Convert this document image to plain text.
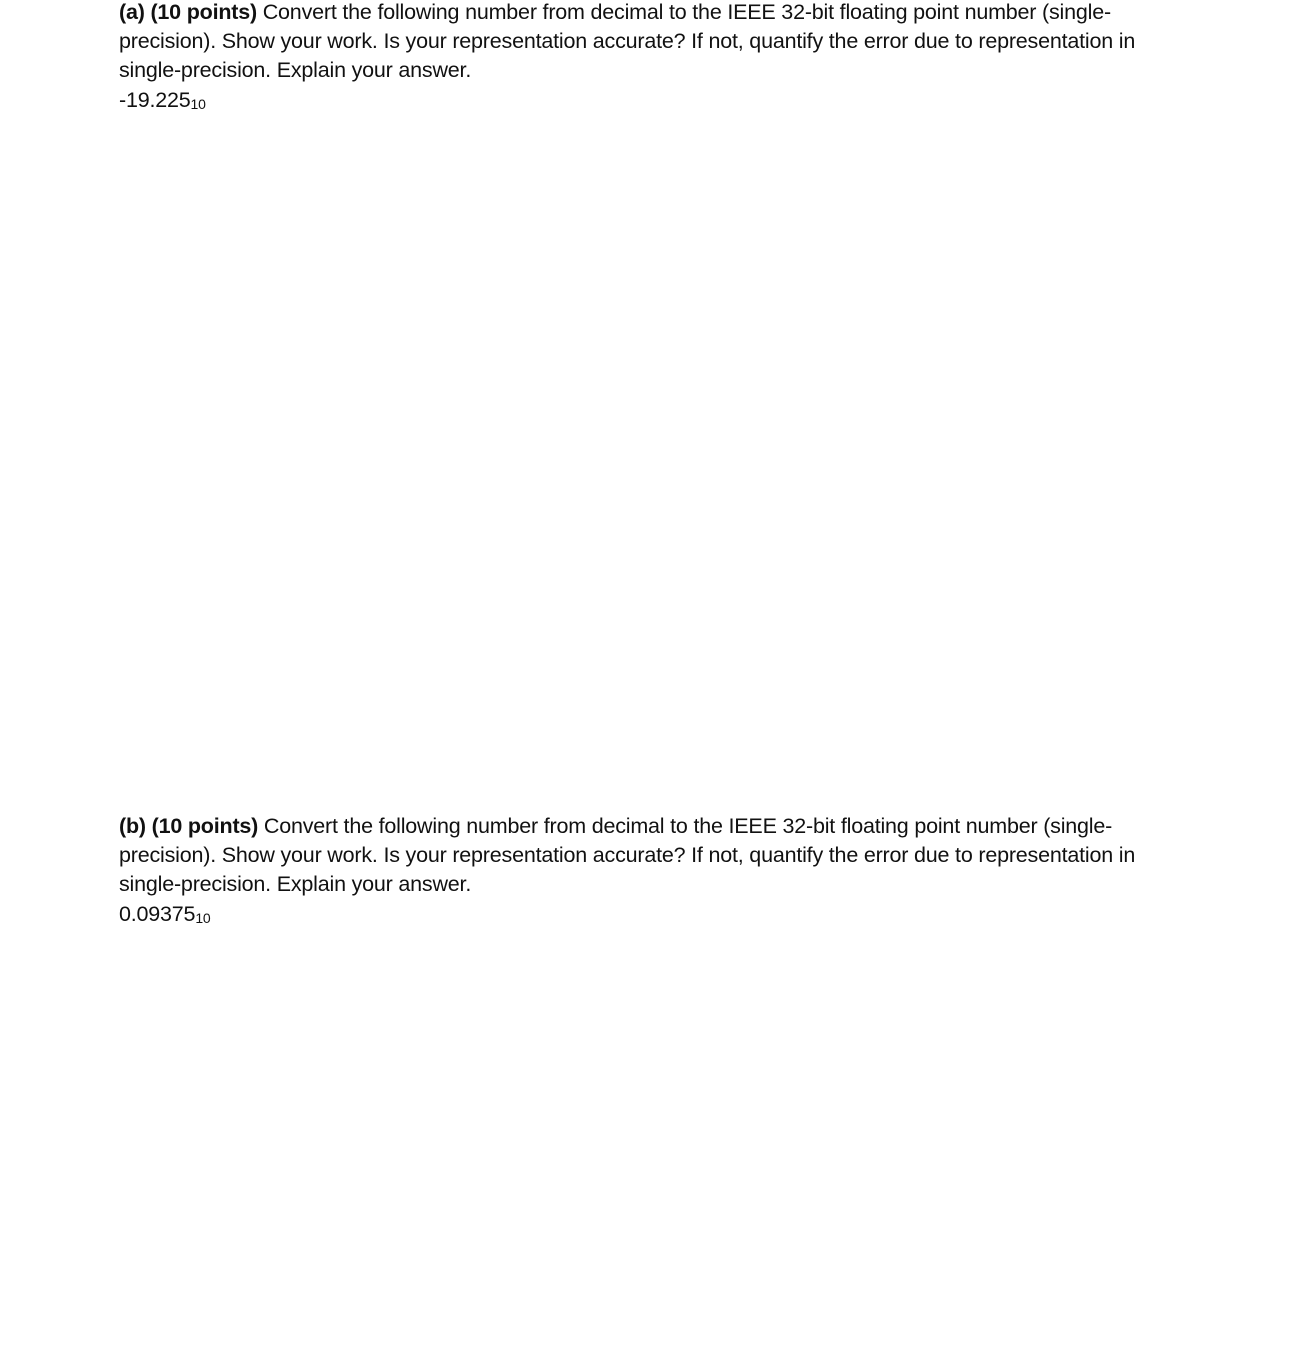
(a) (10 points) Convert the following number from decimal to the IEEE 32-bit floating point number (single-
precision). Show your work. Is your representation accurate? If not, quantify the error due to representation in
single-precision. Explain your answer.
-19.22510
(b) (10 points) Convert the following number from decimal to the IEEE 32-bit floating point number (single-
precision). Show your work. Is your representation accurate? If not, quantify the error due to representation in
single-precision. Explain your answer.
0.0937510
